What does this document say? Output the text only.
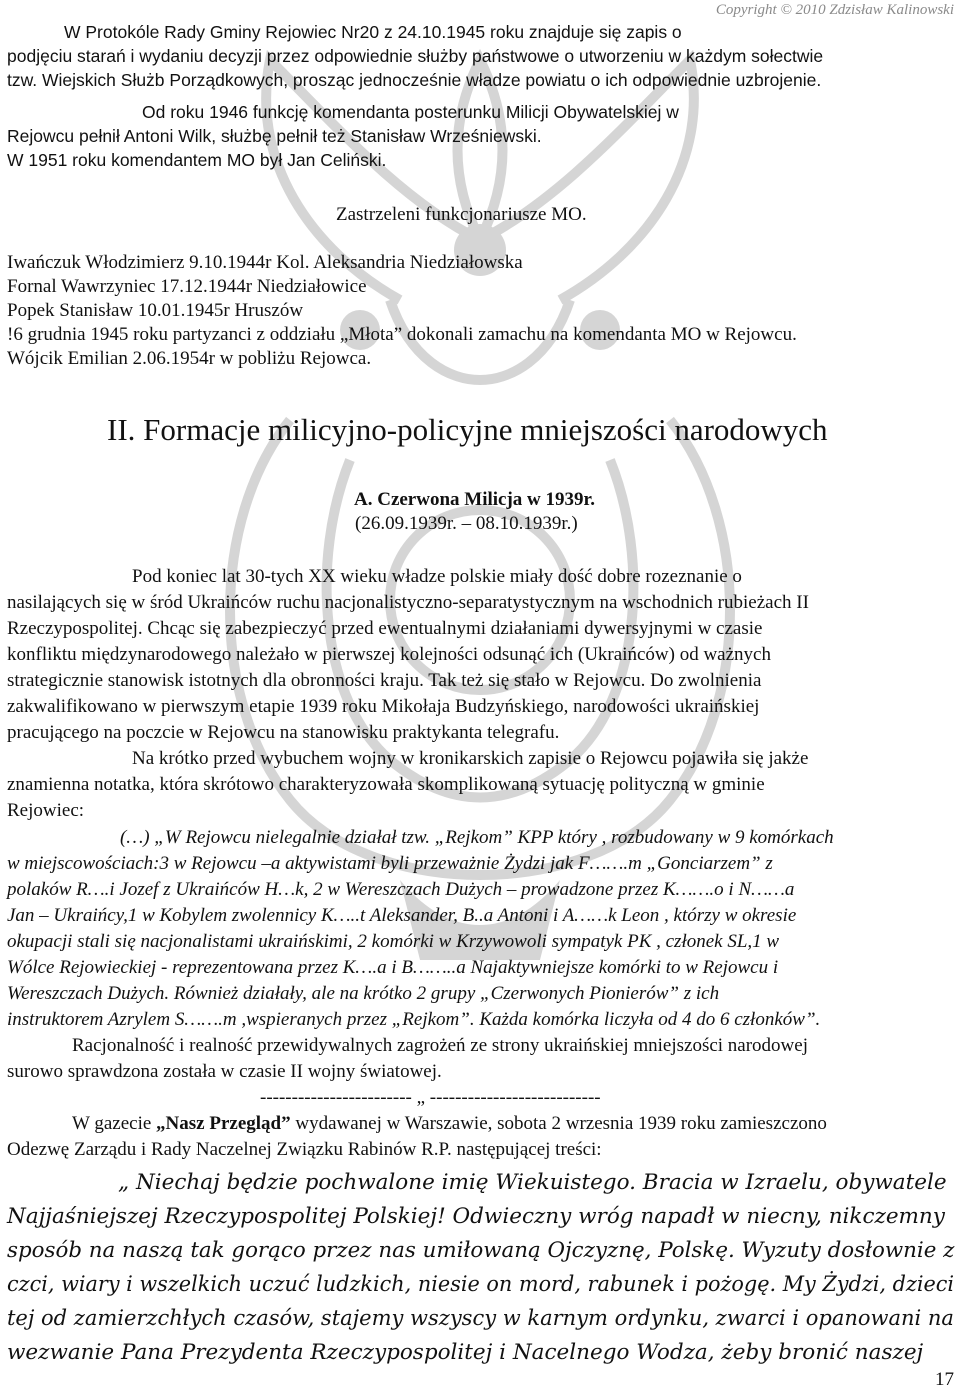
Copyright © 2010 Zdzisław Kalinowski
W Protokóle Rady Gminy Rejowiec Nr20 z 24.10.1945 roku znajduje się zapis o
podjęciu starań i wydaniu decyzji przez odpowiednie służby państwowe o utworzeniu w każdym sołectwie
tzw. Wiejskich Służb Porządkowych, prosząc jednocześnie władze powiatu o ich odpowiednie uzbrojenie.
Od roku 1946 funkcję komendanta posterunku Milicji Obywatelskiej w
Rejowcu pełnił Antoni Wilk, służbę pełnił też Stanisław Wrześniewski.
W 1951 roku komendantem MO był Jan Celiński.
Zastrzeleni funkcjonariusze MO.
Iwańczuk Włodzimierz 9.10.1944r Kol. Aleksandria Niedziałowska
Fornal Wawrzyniec 17.12.1944r Niedziałowice
Popek Stanisław 10.01.1945r Hruszów
!6 grudnia 1945 roku partyzanci z oddziału „Młota” dokonali zamachu na komendanta MO w Rejowcu.
Wójcik Emilian 2.06.1954r w pobliżu Rejowca.
II. Formacje milicyjno-policyjne mniejszości narodowych
A. Czerwona Milicja w 1939r.
(26.09.1939r. – 08.10.1939r.)
Pod koniec lat 30-tych XX wieku władze polskie miały dość dobre rozeznanie o
nasilających się w śród Ukraińców ruchu nacjonalistyczno-separatystycznym na wschodnich rubieżach II
Rzeczypospolitej. Chcąc się zabezpieczyć przed ewentualnymi działaniami dywersyjnymi w czasie
konfliktu międzynarodowego należało w pierwszej kolejności odsunąć ich (Ukraińców) od ważnych
strategicznie stanowisk istotnych dla obronności kraju. Tak też się stało w Rejowcu. Do zwolnienia
zakwalifikowano w pierwszym etapie 1939 roku Mikołaja Budzyńskiego, narodowości ukraińskiej
pracującego na poczcie w Rejowcu na stanowisku praktykanta telegrafu.
Na krótko przed wybuchem wojny w kronikarskich zapisie o Rejowcu pojawiła się jakże
znamienna notatka, która skrótowo charakteryzowała skomplikowaną sytuację polityczną w gminie
Rejowiec:
(…) „W Rejowcu nielegalnie działał tzw. „Rejkom” KPP który , rozbudowany w 9 komórkach
w miejscowościach:3 w Rejowcu –a aktywistami byli przeważnie Żydzi jak F…….m „Gonciarzem” z
polaków R….i Jozef z Ukraińców H…k, 2 w Wereszczach Dużych – prowadzone przez K…….o i N……a
Jan – Ukraińcy,1 w Kobylem zwolennicy K…..t Aleksander, B..a Antoni i A……k Leon , którzy w okresie
okupacji stali się nacjonalistami ukraińskimi, 2 komórki w Krzywowoli sympatyk PK , członek SL,1 w
Wólce Rejowieckiej - reprezentowana przez K….a i B……..a Najaktywniejsze komórki to w Rejowcu i
Wereszczach Dużych. Również działały, ale na krótko 2 grupy „Czerwonych Pionierów” z ich
instruktorem Azrylem S…….m ,wspieranych przez „Rejkom”. Każda komórka liczyła od 4 do 6 członków”.
Racjonalność i realność przewidywalnych zagrożeń ze strony ukraińskiej mniejszości narodowej
surowo sprawdzona została w czasie II wojny światowej.
------------------------ „ ---------------------------
W gazecie „Nasz Przegląd” wydawanej w Warszawie, sobota 2 wrzesnia 1939 roku zamieszczono
Odezwę Zarządu i Rady Naczelnej Związku Rabinów R.P. następującej treści:
„ Niechaj będzie pochwalone imię Wiekuistego. Bracia w Izraelu, obywatele
Najjaśniejszej Rzeczypospolitej Polskiej! Odwieczny wróg napadł w niecny, nikczemny
sposób na naszą tak gorąco przez nas umiłowaną Ojczyznę, Polskę. Wyzuty dosłownie z
czci, wiary i wszelkich uczuć ludzkich, niesie on mord, rabunek i pożogę. My Żydzi, dzieci
tej od zamierzchłych czasów, stajemy wszyscy w karnym ordynku, zwarci i opanowani na
wezwanie Pana Prezydenta Rzeczypospolitej i Nacelnego Wodza, żeby bronić naszej
17
